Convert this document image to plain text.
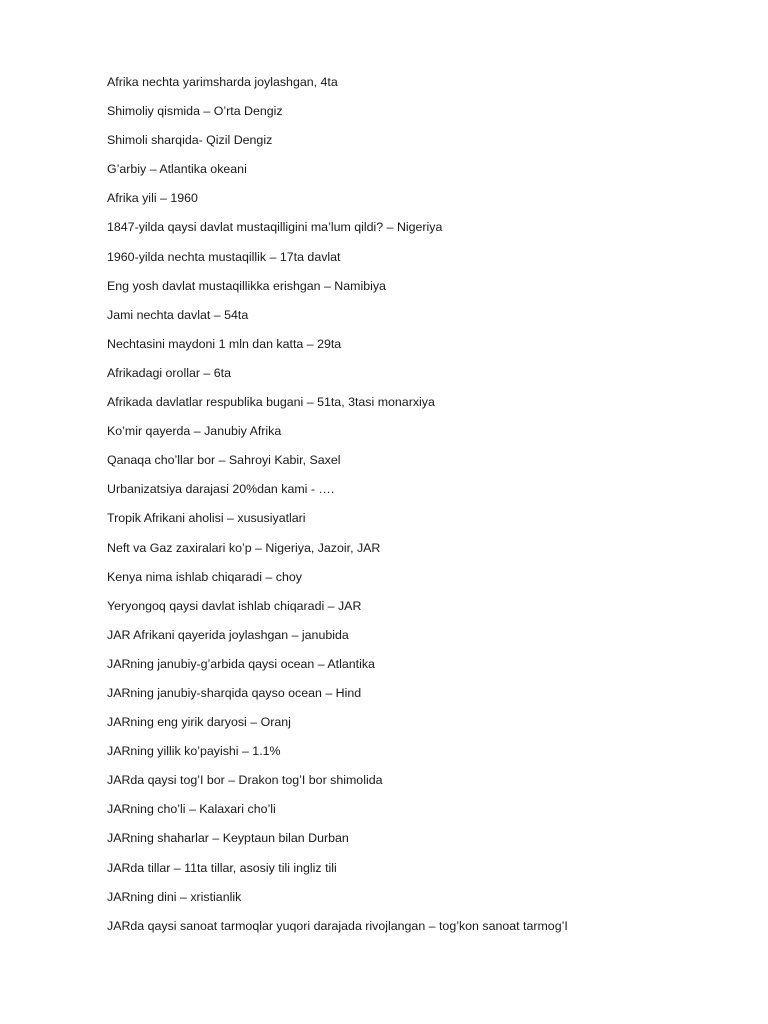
Afrika nechta yarimsharda joylashgan, 4ta
Shimoliy qismida – O’rta Dengiz
Shimoli sharqida- Qizil Dengiz
G’arbiy – Atlantika okeani
Afrika yili – 1960
1847-yilda qaysi davlat mustaqilligini ma’lum qildi? – Nigeriya
1960-yilda nechta mustaqillik – 17ta davlat
Eng yosh davlat mustaqillikka erishgan – Namibiya
Jami nechta davlat – 54ta
Nechtasini maydoni 1 mln dan katta – 29ta
Afrikadagi orollar – 6ta
Afrikada davlatlar respublika bugani – 51ta, 3tasi monarxiya
Ko’mir qayerda – Janubiy Afrika
Qanaqa cho’llar bor – Sahroyi Kabir, Saxel
Urbanizatsiya darajasi 20%dan kami - ….
Tropik Afrikani aholisi – xususiyatlari
Neft va Gaz zaxiralari ko’p – Nigeriya, Jazoir, JAR
Kenya nima ishlab chiqaradi – choy
Yeryongoq qaysi davlat ishlab chiqaradi – JAR
JAR Afrikani qayerida joylashgan – janubida
JARning janubiy-g’arbida qaysi ocean – Atlantika
JARning janubiy-sharqida qayso ocean – Hind
JARning eng yirik daryosi – Oranj
JARning yillik ko’payishi – 1.1%
JARda qaysi tog’I bor – Drakon tog’I bor shimolida
JARning cho’li – Kalaxari cho’li
JARning shaharlar – Keyptaun bilan Durban
JARda tillar – 11ta tillar, asosiy tili ingliz tili
JARning dini – xristianlik
JARda qaysi sanoat tarmoqlar yuqori darajada rivojlangan – tog’kon sanoat tarmog’I
